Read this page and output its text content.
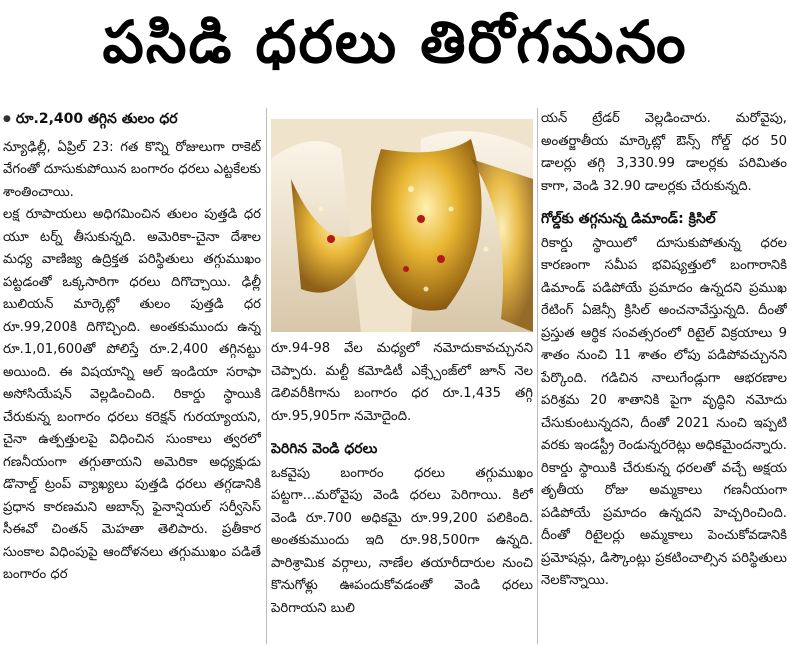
పసిడి ధరలు తిరోగమనం
● రూ.2,400 తగ్గిన తులం ధర

న్యూఢిల్లీ, ఏప్రిల్ 23: గత కొన్ని రోజులుగా రాకెట్ వేగంతో దూసుకుపోయిన బంగారం ధరలు ఎట్టకేలకు శాంతించాయి.

లక్ష రూపాయలు అధిగమించిన తులం పుత్తడి ధర యూ టర్న్ తీసుకున్నది. అమెరికా-చైనా దేశాల మధ్య వాణిజ్య ఉద్రిక్తత పరిస్థితులు తగ్గుముఖం పట్టడంతో ఒక్కసారిగా ధరలు దిగొచ్చాయి. ఢిల్లీ బులియన్ మార్కెట్లో తులం పుత్తడి ధర రూ.99,200కి దిగొచ్చింది. అంతకుముందు ఉన్న రూ.1,01,600తో పోలిస్తే రూ.2,400 తగ్గినట్టు అయింది. ఈ విషయాన్ని ఆల్ ఇండియా సరాఫా అసోసియేషన్ వెల్లడించింది. రికార్డు స్థాయికి చేరుకున్న బంగారం ధరలు కరెక్షన్ గురయ్యాయని, చైనా ఉత్పత్తులపై విధించిన సుంకాలు త్వరలో గణనీయంగా తగ్గుతాయని అమెరికా అధ్యక్షుడు డొనాల్డ్ ట్రంప్ వ్యాఖ్యలు పుత్తడి ధరలు తగ్గడానికి ప్రధాన కారణమని అబాన్స్ ఫైనాన్షియల్ సర్వీసెస్ సీఈవో చింతన్ మెహతా తెలిపారు. ప్రతీకార సుంకాల విధింపుపై ఆందోళనలు తగ్గుముఖం పడితే బంగారం ధర

రూ.94-98 వేల మధ్యలో నమోదుకావచ్చునని చెప్పారు. మల్టీ కమోడిటీ ఎక్స్చేంజ్‌లో జూన్ నెల డెలివరీకిగాను బంగారం ధర రూ.1,435 తగ్గి రూ.95,905గా నమోదైంది.

పెరిగిన వెండి ధరలు

ఒకవైపు బంగారం ధరలు తగ్గుముఖం పట్టగా...మరోవైపు వెండి ధరలు పెరిగాయి. కిలో వెండి రూ.700 అధికమై రూ.99,200 పలికింది. అంతకుముందు ఇది రూ.98,500గా ఉన్నది. పారిశ్రామిక వర్గాలు, నాణేల తయారీదారుల నుంచి కొనుగోళ్లు ఊపందుకోవడంతో వెండి ధరలు పెరిగాయని బులి

యన్ ట్రేడర్ వెల్లడించారు. మరోవైపు, అంతర్జాతీయ మార్కెట్లో ఔన్స్ గోల్డ్ ధర 50 డాలర్లు తగ్గి 3,330.99 డాలర్లకు పరిమితం కాగా, వెండి 32.90 డాలర్లకు చేరుకున్నది.

గోల్డ్‌కు తగ్గనున్న డిమాండ్: క్రిసిల్

రికార్డు స్థాయిలో దూసుకుపోతున్న ధరల కారణంగా సమీప భవిష్యత్తులో బంగారానికి డిమాండ్ పడిపోయే ప్రమాదం ఉన్నదని ప్రముఖ రేటింగ్ ఏజెన్సీ క్రిసిల్ అంచనావేస్తున్నది. దీంతో ప్రస్తుత ఆర్థిక సంవత్సరంలో రిటైల్ విక్రయాలు 9 శాతం నుంచి 11 శాతం లోపు పడిపోవచ్చునని పేర్కొంది. గడిచిన నాలుగేండ్లుగా ఆభరణాల పరిశ్రమ 20 శాతానికి పైగా వృద్ధిని నమోదు చేసుకుంటున్నదని, దీంతో 2021 నుంచి ఇప్పటి వరకు ఇండస్ట్రీ రెండున్నరరెట్లు అధికమైందన్నారు. రికార్డు స్థాయికి చేరుకున్న ధరలతో వచ్చే అక్షయ తృతీయ రోజు అమ్మకాలు గణనీయంగా పడిపోయే ప్రమాదం ఉన్నదని హెచ్చరించింది. దీంతో రిటైలర్లు అమ్మకాలు పెంచుకోవడానికి ప్రమోషన్లు, డిస్కౌంట్లు ప్రకటించాల్సిన పరిస్థితులు నెలకొన్నాయి.
